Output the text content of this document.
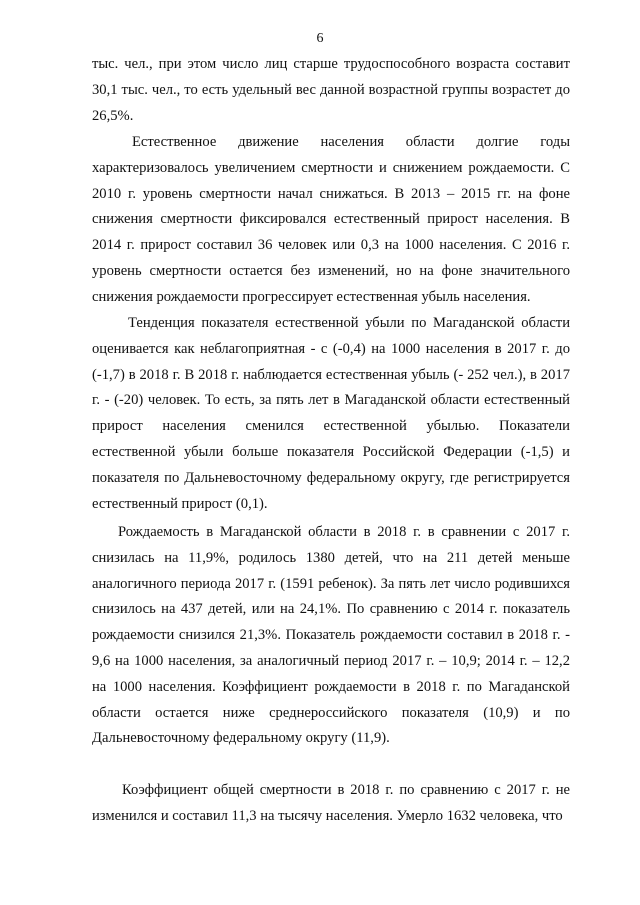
6

тыс. чел., при этом число лиц старше трудоспособного возраста составит 30,1 тыс. чел., то есть удельный вес данной возрастной группы возрастет до 26,5%.

Естественное движение населения области долгие годы характеризовалось увеличением смертности и снижением рождаемости. С 2010 г. уровень смертности начал снижаться. В 2013 – 2015 гг. на фоне снижения смертности фиксировался естественный прирост населения. В 2014 г. прирост составил 36 человек или 0,3 на 1000 населения. С 2016 г. уровень смертности остается без изменений, но на фоне значительного снижения рождаемости прогрессирует естественная убыль населения.

Тенденция показателя естественной убыли по Магаданской области оценивается как неблагоприятная - с (-0,4) на 1000 населения в 2017 г. до (-1,7) в 2018 г. В 2018 г. наблюдается естественная убыль (- 252 чел.), в 2017 г. - (-20) человек. То есть, за пять лет в Магаданской области естественный прирост населения сменился естественной убылью. Показатели естественной убыли больше показателя Российской Федерации (-1,5) и показателя по Дальневосточному федеральному округу, где регистрируется естественный прирост (0,1).

Рождаемость в Магаданской области в 2018 г. в сравнении с 2017 г. снизилась на 11,9%, родилось 1380 детей, что на 211 детей меньше аналогичного периода 2017 г. (1591 ребенок). За пять лет число родившихся снизилось на 437 детей, или на 24,1%. По сравнению с 2014 г. показатель рождаемости снизился 21,3%. Показатель рождаемости составил в 2018 г. - 9,6 на 1000 населения, за аналогичный период 2017 г. – 10,9; 2014 г. – 12,2 на 1000 населения. Коэффициент рождаемости в 2018 г. по Магаданской области остается ниже среднероссийского показателя (10,9) и по Дальневосточному федеральному округу (11,9).

Коэффициент общей смертности в 2018 г. по сравнению с 2017 г. не изменился и составил 11,3 на тысячу населения. Умерло 1632 человека, что
